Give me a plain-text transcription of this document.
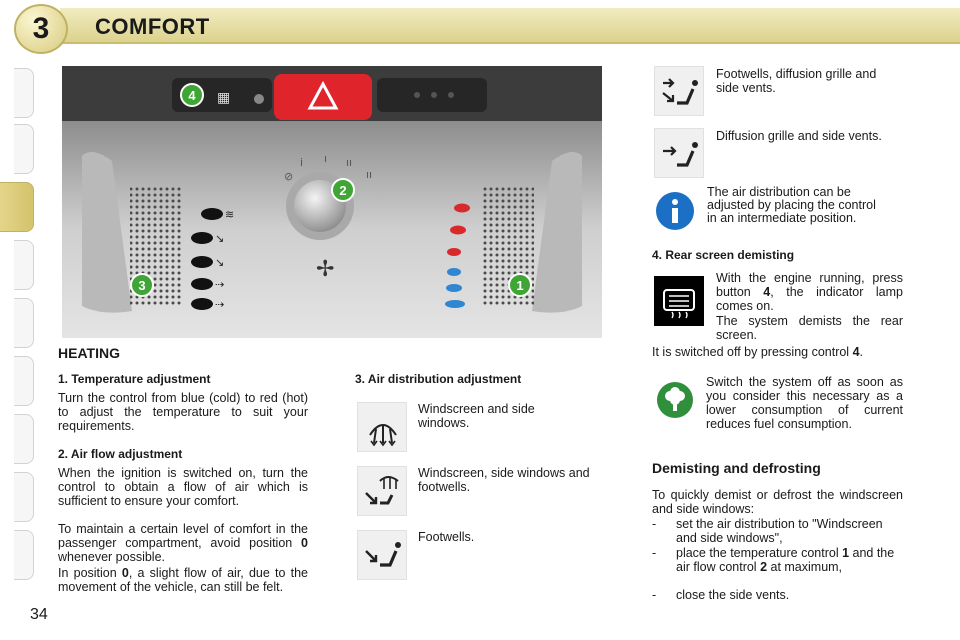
3 COMFORT
▦
⊘
i ı ıı
ıı
✢
≋
↘
↘
⇢
⇢
4
2
3	1
HEATING
1. Temperature adjustment
Turn the control from blue (cold) to red (hot) to adjust the temperature to suit your requirements.
2. Air flow adjustment
When the ignition is switched on, turn the control to obtain a flow of air which is sufficient to ensure your comfort.
To maintain a certain level of comfort in the passenger compartment, avoid position 0 whenever possible.
In position 0, a slight flow of air, due to the movement of the vehicle, can still be felt.
3. Air distribution adjustment
Windscreen and side windows.
Windscreen, side windows and footwells.
Footwells.
Footwells, diffusion grille and side vents.
Diffusion grille and side vents.
The air distribution can be adjusted by placing the control in an intermediate position.
4. Rear screen demisting
With the engine running, press button 4, the indicator lamp comes on.
The system demists the rear screen.
It is switched off by pressing control 4.
Switch the system off as soon as you consider this necessary as a lower consumption of current reduces fuel consumption.
Demisting and defrosting
To quickly demist or defrost the windscreen and side windows:
- set the air distribution to "Windscreen and side windows",
- place the temperature control 1 and the air flow control 2 at maximum,
- close the side vents.
34
